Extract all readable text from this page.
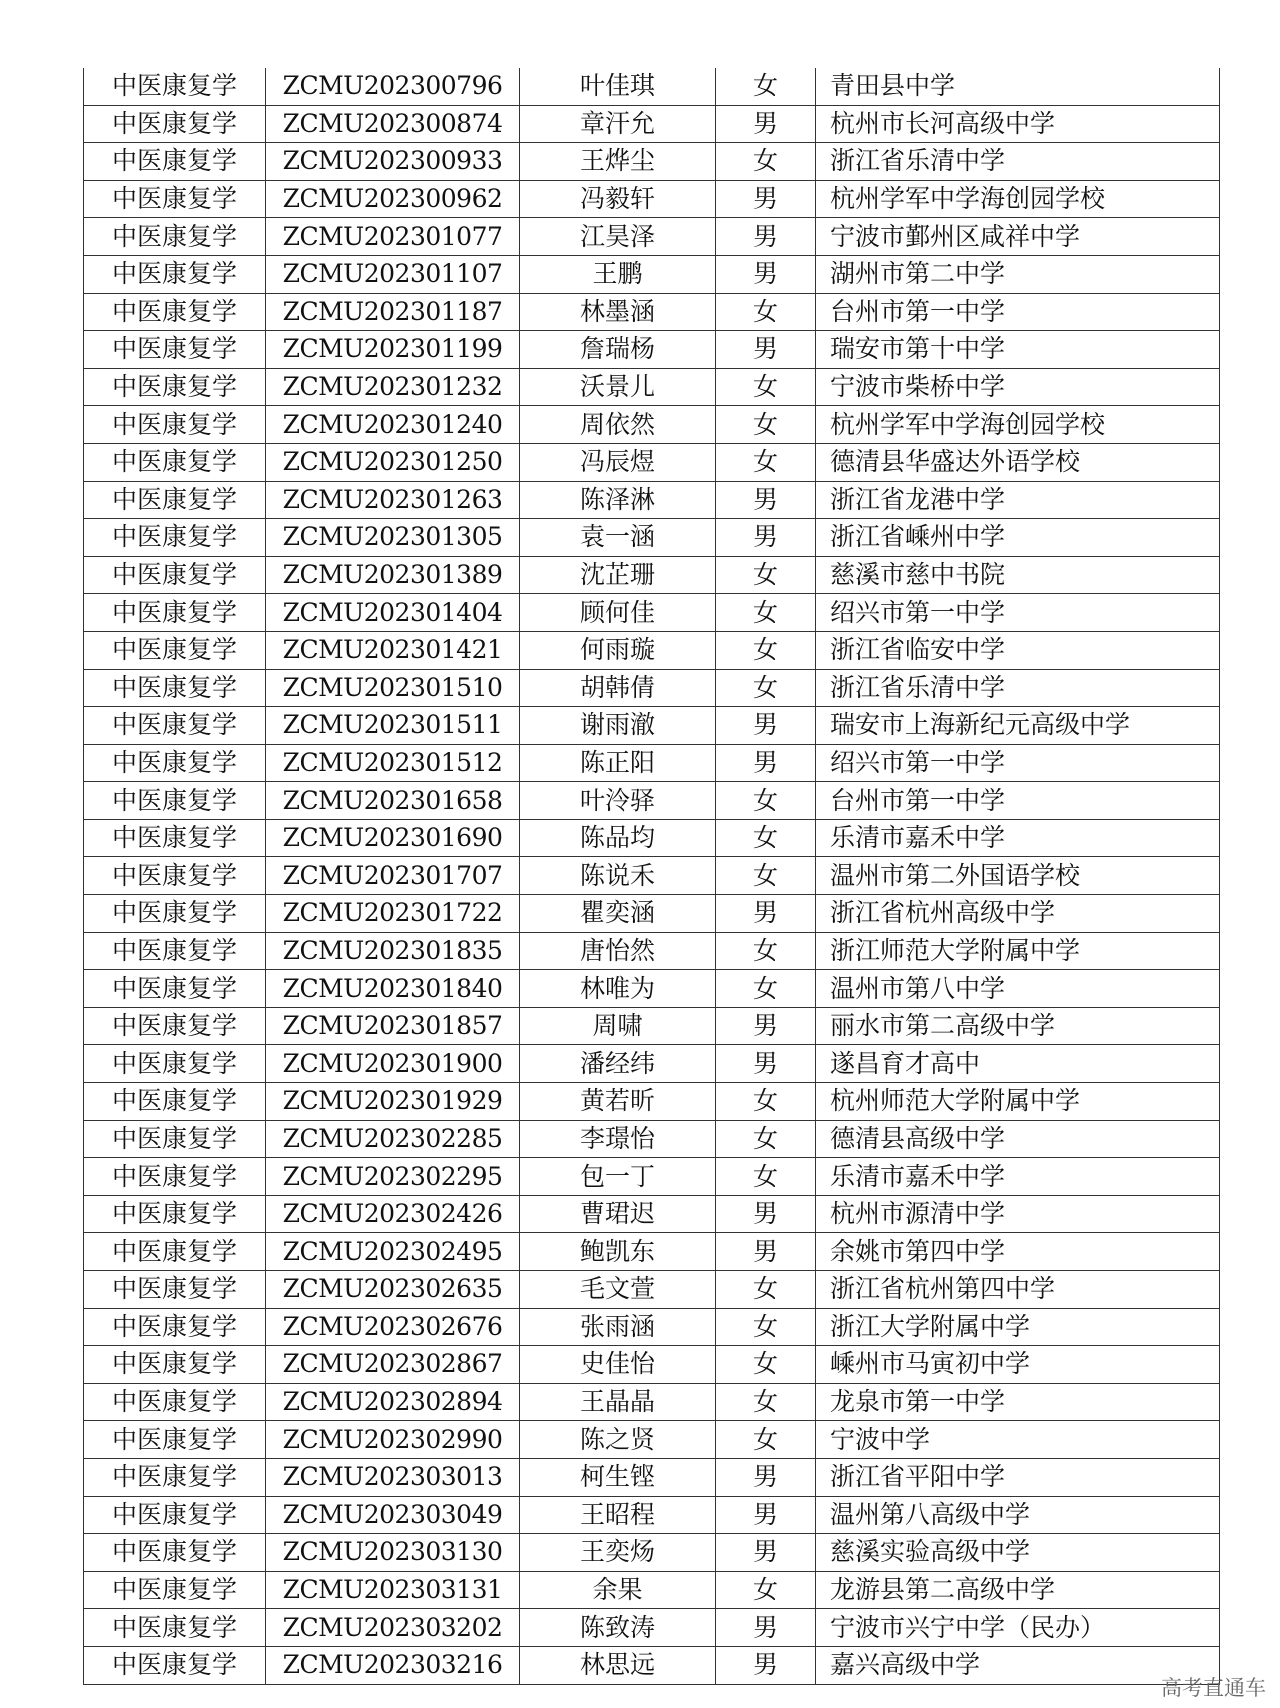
中医康复学	ZCMU202300796	叶佳琪	女	青田县中学
中医康复学	ZCMU202300874	章汗允	男	杭州市长河高级中学
中医康复学	ZCMU202300933	王烨尘	女	浙江省乐清中学
中医康复学	ZCMU202300962	冯毅轩	男	杭州学军中学海创园学校
中医康复学	ZCMU202301077	江昊泽	男	宁波市鄞州区咸祥中学
中医康复学	ZCMU202301107	王鹏	男	湖州市第二中学
中医康复学	ZCMU202301187	林墨涵	女	台州市第一中学
中医康复学	ZCMU202301199	詹瑞杨	男	瑞安市第十中学
中医康复学	ZCMU202301232	沃景儿	女	宁波市柴桥中学
中医康复学	ZCMU202301240	周依然	女	杭州学军中学海创园学校
中医康复学	ZCMU202301250	冯辰煜	女	德清县华盛达外语学校
中医康复学	ZCMU202301263	陈泽淋	男	浙江省龙港中学
中医康复学	ZCMU202301305	袁一涵	男	浙江省嵊州中学
中医康复学	ZCMU202301389	沈芷珊	女	慈溪市慈中书院
中医康复学	ZCMU202301404	顾何佳	女	绍兴市第一中学
中医康复学	ZCMU202301421	何雨璇	女	浙江省临安中学
中医康复学	ZCMU202301510	胡韩倩	女	浙江省乐清中学
中医康复学	ZCMU202301511	谢雨澈	男	瑞安市上海新纪元高级中学
中医康复学	ZCMU202301512	陈正阳	男	绍兴市第一中学
中医康复学	ZCMU202301658	叶泠驿	女	台州市第一中学
中医康复学	ZCMU202301690	陈品均	女	乐清市嘉禾中学
中医康复学	ZCMU202301707	陈说禾	女	温州市第二外国语学校
中医康复学	ZCMU202301722	瞿奕涵	男	浙江省杭州高级中学
中医康复学	ZCMU202301835	唐怡然	女	浙江师范大学附属中学
中医康复学	ZCMU202301840	林唯为	女	温州市第八中学
中医康复学	ZCMU202301857	周啸	男	丽水市第二高级中学
中医康复学	ZCMU202301900	潘经纬	男	遂昌育才高中
中医康复学	ZCMU202301929	黄若昕	女	杭州师范大学附属中学
中医康复学	ZCMU202302285	李璟怡	女	德清县高级中学
中医康复学	ZCMU202302295	包一丁	女	乐清市嘉禾中学
中医康复学	ZCMU202302426	曹珺迟	男	杭州市源清中学
中医康复学	ZCMU202302495	鲍凯东	男	余姚市第四中学
中医康复学	ZCMU202302635	毛文萱	女	浙江省杭州第四中学
中医康复学	ZCMU202302676	张雨涵	女	浙江大学附属中学
中医康复学	ZCMU202302867	史佳怡	女	嵊州市马寅初中学
中医康复学	ZCMU202302894	王晶晶	女	龙泉市第一中学
中医康复学	ZCMU202302990	陈之贤	女	宁波中学
中医康复学	ZCMU202303013	柯生铿	男	浙江省平阳中学
中医康复学	ZCMU202303049	王昭程	男	温州第八高级中学
中医康复学	ZCMU202303130	王奕炀	男	慈溪实验高级中学
中医康复学	ZCMU202303131	余果	女	龙游县第二高级中学
中医康复学	ZCMU202303202	陈致涛	男	宁波市兴宁中学（民办）
中医康复学	ZCMU202303216	林思远	男	嘉兴高级中学
高考直通车
